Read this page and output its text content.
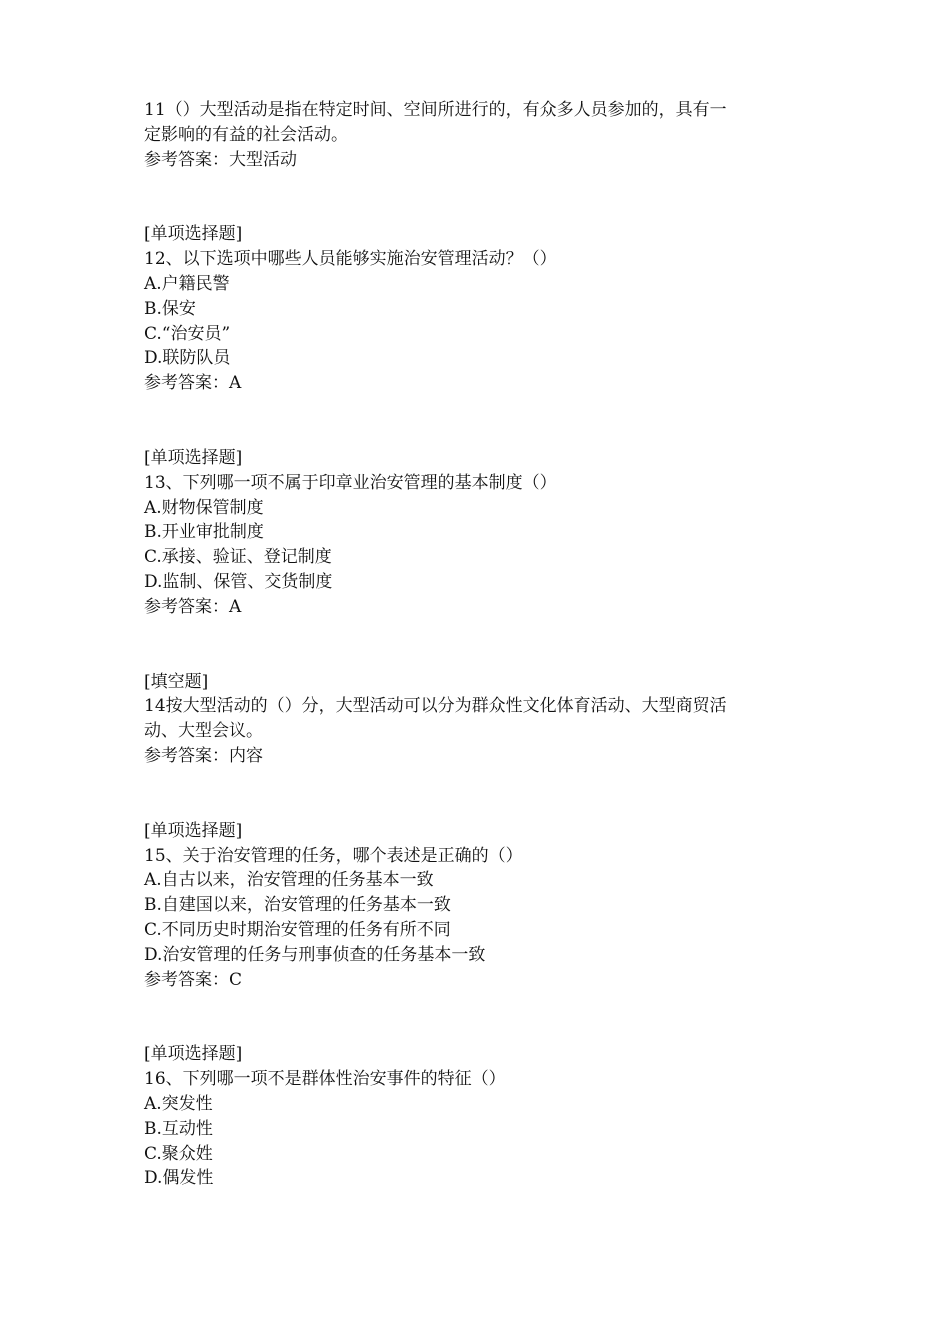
11（）大型活动是指在特定时间、空间所进行的，有众多人员参加的，具有一
定影响的有益的社会活动。
参考答案：大型活动
[单项选择题]
12、以下选项中哪些人员能够实施治安管理活动？（）
A.户籍民警
B.保安
C.“治安员”
D.联防队员
参考答案：A
[单项选择题]
13、下列哪一项不属于印章业治安管理的基本制度（）
A.财物保管制度
B.开业审批制度
C.承接、验证、登记制度
D.监制、保管、交货制度
参考答案：A
[填空题]
14按大型活动的（）分，大型活动可以分为群众性文化体育活动、大型商贸活
动、大型会议。
参考答案：内容
[单项选择题]
15、关于治安管理的任务，哪个表述是正确的（）
A.自古以来，治安管理的任务基本一致
B.自建国以来，治安管理的任务基本一致
C.不同历史时期治安管理的任务有所不同
D.治安管理的任务与刑事侦查的任务基本一致
参考答案：C
[单项选择题]
16、下列哪一项不是群体性治安事件的特征（）
A.突发性
B.互动性
C.聚众姓
D.偶发性
